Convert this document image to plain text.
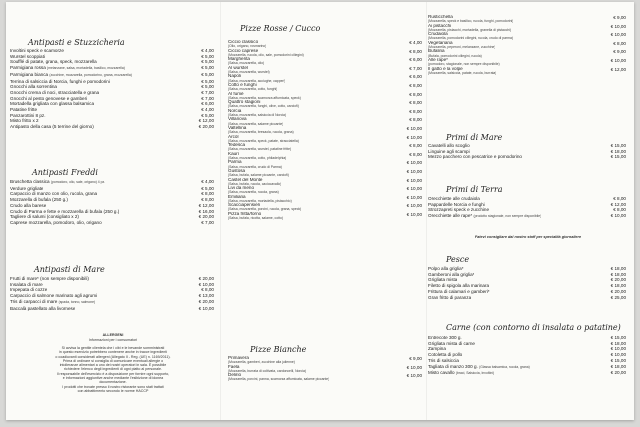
Antipasti e Stuzzicheria
Involtini speck e scamorze	€ 4,00
Wurstel scoppiati	€ 5,00
Soufflé di patate, grana, speck, mozzarella	€ 5,00
Parmigiana rossa (melanzane, salsa, mortadella, basilico, mozzarella)	€ 5,00
Parmigiana bianca (zucchine, mozzarella, pomodorino, grana, mozzarella)	€ 5,00
Terrina di salsiccia di Norcia, funghi e pomodorini	€ 5,00
Gnocchi alla sorrentina	€ 5,00
Gnocchi crema di noci, stracciatella e grana	€ 7,00
Gnocchi al pesto genovese e gamberi	€ 7,00
Mortadella grigliata con glassa balsamica	€ 6,00
Patatine fritte	€ 4,00
Panzarottini 8 pz.	€ 5,00
Misto fritto x 2	€ 12,00
Antipasto della casa (5 terrine del giorno)	€ 20,00
Antipasti Freddi
Bruschetta classica (pomodoro, olio, sale, origano) 4 pz.	€ 4,00
Verdure grigliate	€ 5,00
Carpaccio di manzo con olio, rucola, grana	€ 8,00
Mozzarella di bufala (250 g.)	€ 8,00
Crudo alla barese	€ 12,00
Crudo di Parma e fette e mozzarella di bufala (250 g.)	€ 16,00
Tagliere di salumi (consigliato x 2)	€ 20,00
Caprese mozzarella, pomodoro, olio, origano	€ 7,00
Antipasti di Mare
Frutti di mare* (non sempre disponibili)	€ 20,00
Insalata di mare	€ 10,00
Impepata di cozze	€ 8,00
Carpaccio di salmone marinato agli agrumi	€ 13,00
Tris di carpacci di mare (spada, tonno, salmone)	€ 20,00
Baccalà pastellato alla livornese	€ 10,00
ALLERGENI
Informazioni per i consumatori
Si avvisa la gentile clientela che i cibi e le bevande somministrati
in questo esercizio potrebbero contenere anche in tracce ingredienti
o coadiuvanti considerati allergeni (Allegato II - Reg. (UE) n. 1169/2011).
Prima di ordinare si consiglia di comunicare eventuali allergie o
intolleranze alimentari a uno dei nostri operatori in sala. È possibile
richiedere l'elenco degli ingredienti di ogni piatto al personale.
Il responsabile dell'esercizio è a disposizione per fornire ogni supporto,
e informazioni aggiuntive anche mediante l'esibizione di idonea
documentazione.
I prodotti che trovate presso il nostro ristorante sono stati trattati
con abbattimento secondo le norme HACCP
Pizze Rosse / Cucco
Ciccio classico
(Olio, origano, rosmarino)
€ 4,00
Ciccio caprese
(Mozzarella, rucola, olio, sale, pomodorini ciliegini)
€ 8,00
Margherita
(Salsa, mozzarella, olio)
€ 6,00
Al wurstel
(Salsa, mozzarella, wurstel)
€ 7,00
Napoli
(Salsa, mozzarella, acciughe, capperi)
€ 6,00
Cotto e funghi
(Salsa, mozzarella, cotto, funghi)
€ 8,00
Al fumè
(Salsa, mozzarella, scamorza affumicata, speck)
€ 8,00
Quattro stagioni
(Salsa, mozzarella, funghi, olive, cotto, carciofi)
€ 8,00
Norcia
(Salsa, mozzarella, salsiccia di Norcia)
€ 8,00
Villanova
(Salsa, mozzarella, salame piccante)
€ 8,00
Valtellina
(Salsa, mozzarella, bresaola, rucola, grana)
€ 10,00
Arcòl
(Salsa, mozzarella, speck, patate, stracciatella)
€ 10,00
Tedesca
(Salsa, mozzarella, wurstel, patatine fritte)
€ 8,00
Kaurí
(Salsa, mozzarella, cotto, philadelphia)
€ 8,00
Parma
(Salsa, mozzarella, crudo di Parma)
€ 10,00
Gustosa
(Salsa, bufala, salame piccante, carciofi)
€ 10,00
Castel del Monte
(Salsa, bufala, rucola, caciocavallo)
€ 10,00
Livi da meno
(Salsa, mozzarella, rucola, grana)
€ 10,00
Emiliana
(Salsa, mozzarella, mortadella, pistacchio)
€ 10,00
Scacciapensieri
(Salsa, mozzarella, porcini, rucola, grana, speck)
€ 10,00
Pizza fritta/forno
(Salsa, bufala, ricotta, salame, cotto)
€ 10,00
Pizze Bianche
Primavera
(Mozzarella, gamberi, zucchine alla julienne)
€ 9,00
Faela
(Mozzarella, burrata di coltivata, cardoncelli, Norcia)
€ 10,00
Delirio
(Mozzarella, porcini, panna, scamorza affumicata, salame piccante)
€ 10,00
Rusticchella
(Mozzarella, speck e basilico, rucola, funghi, pomodorini)
€ 9,00
Ai pistacchi
(Mozzarella, pistacchi, mortadella, granella di pistacchi)
€ 10,00
Crudaiola
(Mozzarella, pomodorini ciliegini, rucola, crudo di parma)
€ 10,00
Vegetariana
(Mozzarella, peperoni, melanzane, zucchine)
€ 8,00
Bufalina
(Bufala, pomodorini ciliegini, rucola)
€ 9,00
Alle rape*
(pomodoro, stagionale, non sempre disponibile)
€ 10,00
Il gatto e la volpe
(Mozzarella, salsiccia, patate, rucola, burrata)
€ 12,00
Primi di Mare
Cavatelli allo scoglio	€ 15,00
Linguine agli scampi	€ 18,00
Mezzo pacchero con pescatrice e pomodorino	€ 15,00
Primi di Terra
Orecchiette alle crudaiola	€ 8,00
Pappardelle Norcia e funghi	€ 12,00
Strozzapreti speck e zucchine	€ 8,00
Orecchiette alle rape* (prodotto stagionale, non sempre disponibile)	€ 10,00
Fatevi consigliare dal nostro staff per specialità giornaliere
Pesce
Polpo alla griglia*	€ 18,00
Gamberoni alla griglia*	€ 18,00
Grigliata mista	€ 20,00
Filetto di spigola alla marinara	€ 18,00
Frittura di calamari e gamberi*	€ 20,00
Gran fritto di paranza	€ 25,00
Carne (con contorno di insalata o patatine)
Entrecote 300 g.	€ 15,00
Grigliata mista di carne	€ 18,00
Zampina	€ 10,00
Cotoletta di pollo	€ 10,00
Tris di salsiccia	€ 15,00
Tagliata di manzo 300 g. (Glassa balsamica, rucola, grana)	€ 18,00
Misto cavallo (braci, Salsiccia, Involtini)	€ 20,00
